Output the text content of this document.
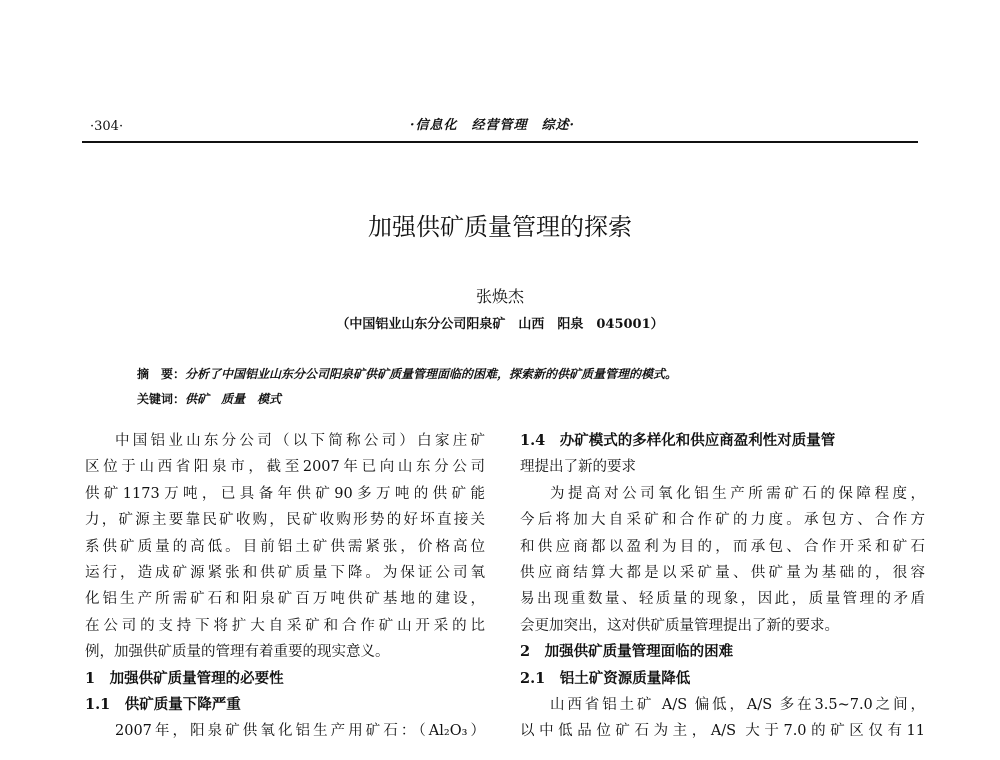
·304·	·信息化　经营管理　综述·
加强供矿质量管理的探索
张焕杰
（中国铝业山东分公司阳泉矿　山西　阳泉　045001）
摘　要：分析了中国铝业山东分公司阳泉矿供矿质量管理面临的困难，探索新的供矿质量管理的模式。
关键词：供矿　质量　模式
中国铝业山东分公司（以下简称公司）白家庄矿
区位于山西省阳泉市，截至2007年已向山东分公司
供矿1173万吨，已具备年供矿90多万吨的供矿能
力，矿源主要靠民矿收购，民矿收购形势的好坏直接关
系供矿质量的高低。目前铝土矿供需紧张，价格高位
运行，造成矿源紧张和供矿质量下降。为保证公司氧
化铝生产所需矿石和阳泉矿百万吨供矿基地的建设，
在公司的支持下将扩大自采矿和合作矿山开采的比
例，加强供矿质量的管理有着重要的现实意义。
1　加强供矿质量管理的必要性
1.1　供矿质量下降严重
2007年，阳泉矿供氧化铝生产用矿石：（Al₂O₃）
1.4　办矿模式的多样化和供应商盈利性对质量管
理提出了新的要求
为提高对公司氧化铝生产所需矿石的保障程度，
今后将加大自采矿和合作矿的力度。承包方、合作方
和供应商都以盈利为目的，而承包、合作开采和矿石
供应商结算大都是以采矿量、供矿量为基础的，很容
易出现重数量、轻质量的现象，因此，质量管理的矛盾
会更加突出，这对供矿质量管理提出了新的要求。
2　加强供矿质量管理面临的困难
2.1　铝土矿资源质量降低
山西省铝土矿 A/S 偏低，A/S 多在3.5~7.0之间，
以中低品位矿石为主，A/S 大于7.0的矿区仅有11
